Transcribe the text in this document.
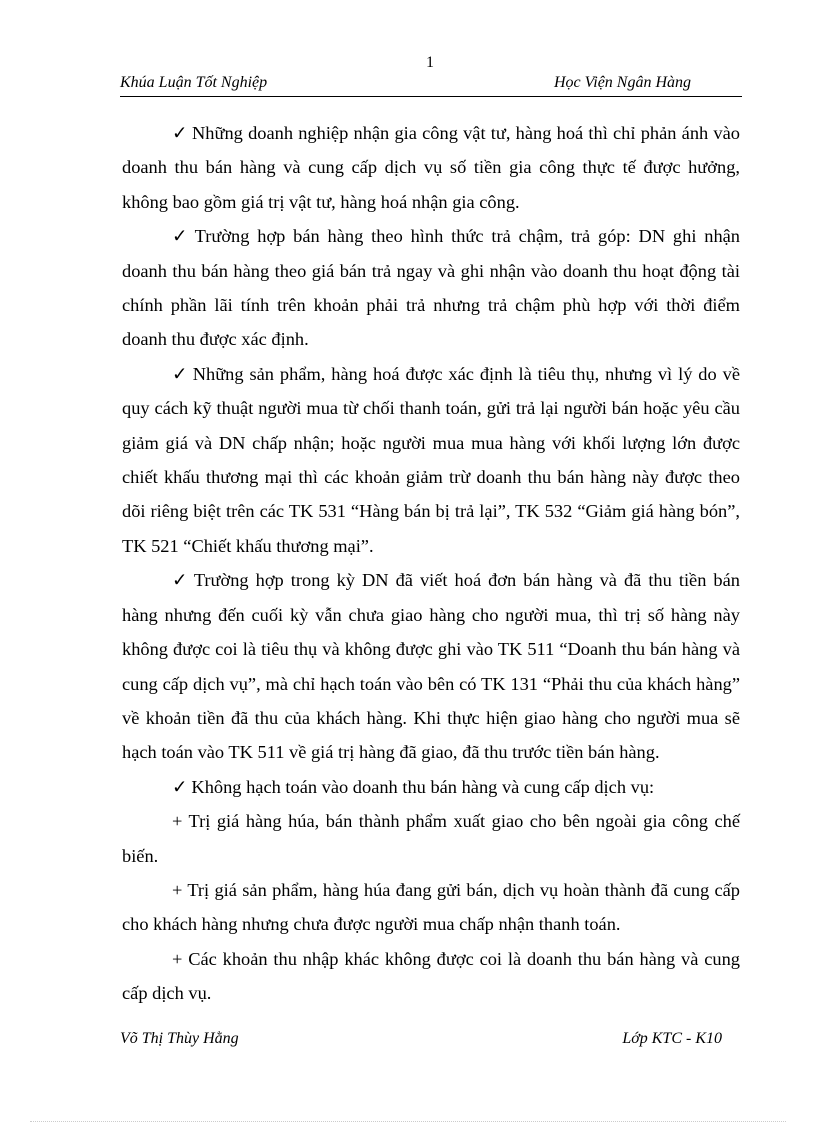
1
Khúa Luận Tốt Nghiệp	Học Viện Ngân Hàng

✓ Những doanh nghiệp nhận gia công vật tư, hàng hoá thì chỉ phản ánh vào doanh thu bán hàng và cung cấp dịch vụ số tiền gia công thực tế được hưởng, không bao gồm giá trị vật tư, hàng hoá nhận gia công.

✓ Trường hợp bán hàng theo hình thức trả chậm, trả góp: DN ghi nhận doanh thu bán hàng theo giá bán trả ngay và ghi nhận vào doanh thu hoạt động tài chính phần lãi tính trên khoản phải trả nhưng trả chậm phù hợp với thời điểm doanh thu được xác định.

✓ Những sản phẩm, hàng hoá được xác định là tiêu thụ, nhưng vì lý do về quy cách kỹ thuật người mua từ chối thanh toán, gửi trả lại người bán hoặc yêu cầu giảm giá và DN chấp nhận; hoặc người mua mua hàng với khối lượng lớn được chiết khấu thương mại thì các khoản giảm trừ doanh thu bán hàng này được theo dõi riêng biệt trên các TK 531 “Hàng bán bị trả lại”, TK 532 “Giảm giá hàng bón”, TK 521 “Chiết khấu thương mại”.

✓ Trường hợp trong kỳ DN đã viết hoá đơn bán hàng và đã thu tiền bán hàng nhưng đến cuối kỳ vẫn chưa giao hàng cho người mua, thì trị số hàng này không được coi là tiêu thụ và không được ghi vào TK 511 “Doanh thu bán hàng và cung cấp dịch vụ”, mà chỉ hạch toán vào bên có TK 131 “Phải thu của khách hàng” về khoản tiền đã thu của khách hàng. Khi thực hiện giao hàng cho người mua sẽ hạch toán vào TK 511 về giá trị hàng đã giao, đã thu trước tiền bán hàng.

✓ Không hạch toán vào doanh thu bán hàng và cung cấp dịch vụ:

+ Trị giá hàng húa, bán thành phẩm xuất giao cho bên ngoài gia công chế biến.

+ Trị giá sản phẩm, hàng húa đang gửi bán, dịch vụ hoàn thành đã cung cấp cho khách hàng nhưng chưa được người mua chấp nhận thanh toán.

+ Các khoản thu nhập khác không được coi là doanh thu bán hàng và cung cấp dịch vụ.

Võ Thị Thùy Hằng	Lớp KTC - K10
